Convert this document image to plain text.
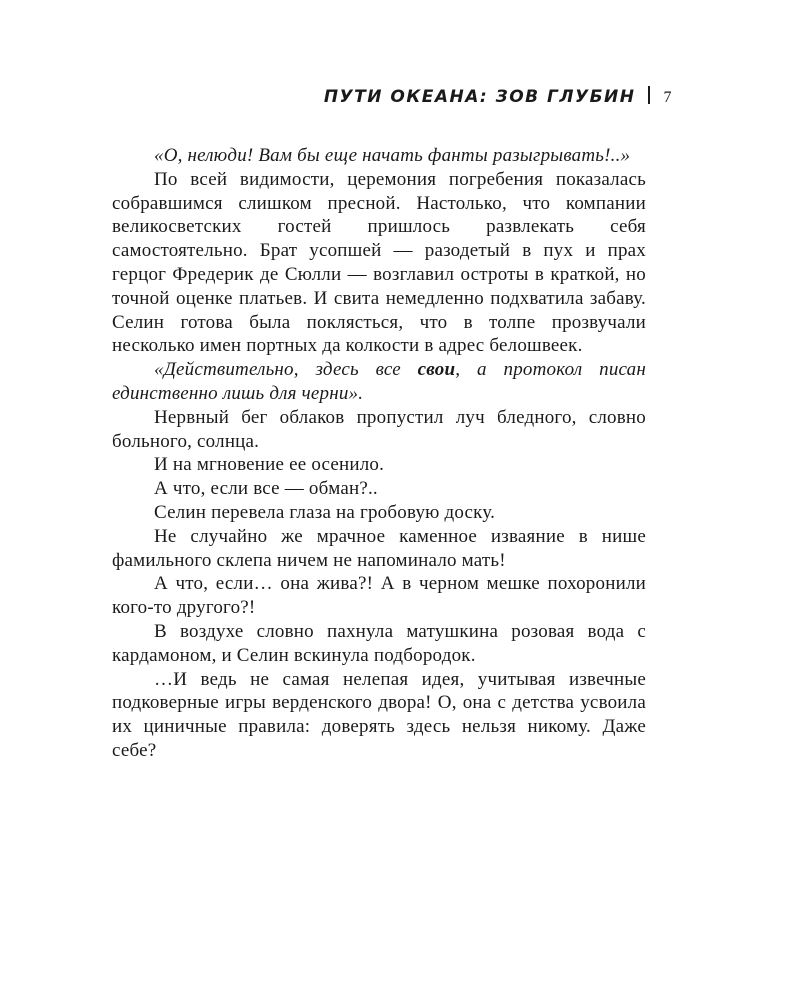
ПУТИ ОКЕАНА: ЗОВ ГЛУБИН 7

«О, нелюди! Вам бы еще начать фанты разыгрывать!..»

По всей видимости, церемония погребения показалась собравшимся слишком пресной. Настолько, что компании великосветских гостей пришлось развлекать себя самостоятельно. Брат усопшей — разодетый в пух и прах герцог Фредерик де Сюлли — возглавил остроты в краткой, но точной оценке платьев. И свита немедленно подхватила забаву. Селин готова была поклясться, что в толпе прозвучали несколько имен портных да колкости в адрес белошвеек.

«Действительно, здесь все свои, а протокол писан единственно лишь для черни».

Нервный бег облаков пропустил луч бледного, словно больного, солнца.

И на мгновение ее осенило.

А что, если все — обман?..

Селин перевела глаза на гробовую доску.

Не случайно же мрачное каменное изваяние в нише фамильного склепа ничем не напоминало мать!

А что, если… она жива?! А в черном мешке похоронили кого-то другого?!

В воздухе словно пахнула матушкина розовая вода с кардамоном, и Селин вскинула подбородок.

…И ведь не самая нелепая идея, учитывая извечные подковерные игры верденского двора! О, она с детства усвоила их циничные правила: доверять здесь нельзя никому. Даже себе?
